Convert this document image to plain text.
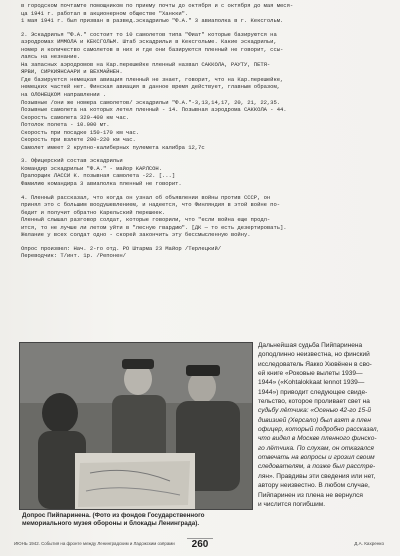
в городском почтамте помощником по приему почты до октября и с октября до мая меся-

ца 1941 г. работал в акционерном обществе "Ханкки".

1 мая 1941 г. был призван в развед.эскадрилью "Ф.А." 3 авиаполка в г. Кексгольм.

2. Эскадрилья "Ф.А." состоит то 10 самолетов типа "Фиат" которые базируются на

аэродромах ИММОЛА и КЕКСГОЛЬМ. Штаб эскадрильи в Кексгольме. Какие эскадрильи,

номер и количество самолетов в них и где они базируются пленный не говорит, ссы-

лаясь на незнание.

На запасных аэродромов на Кар.перешейке пленный назвал САККОЛА, РАУТУ, ПЕТЯ-

ЯРВИ, СИРКИЯНСААРИ и ВЕХМАЙНЕН.

Где базируется немецкая авиация пленный не знает, говорит, что на Кар.перешейке,

немецких частей нет. Финская авиация в данное время действует, главным образом,

на ОЛОНЕЦКОМ направлении .

Позывные /они же номера самолетов/ эскадрильи "Ф.А."-3,13,14,17, 20, 21, 22,35.

Позывные самолета на которых летел пленный - 14. Позывная аэродрома САККОЛА - 44.

Скорость самолета 320-400 км час.

Потолок полета - 10.000 мт.

Скорость при посадке 150-170 км час.

Скорость при взлете 200-220 км час.

Самолет имеет 2 крупно-калиберных пулемета калибра 12,7с

3. Офицерский состав эскадрильи

Командир эскадрильи "Ф.А." - майор КАРЛСОН.

Прапорщик ЛАССИ К. позывная самолета -22. [...]

Фамилию командира 3 авиаполка пленный не говорит.

4. Пленный рассказал, что когда он узнал об объявлении войны против СССР, он

принял это с большим воодушевлением, и надеется, что Финляндия в этой войне по-

бедит и получит обратно Карельский перешеек.

Пленный слышал разговор солдат, которые говорили, что "если война еще продл-

ится, то не лучше ли летом уйти в "лесную гвардию". [ДК — то есть дезертировать].

Желание у всех солдат одно - скорей закончить эту бессмысленную войну.

Опрос произвел: Нач. 2-го отд. РО Штарма 23 Майор /Терлецкий/

Переводчик: Т/инт. 1р. /Репонен/

Допрос Пийпаринена. (Фото из фондов Государственного мемориального музея обороны и блокады Ленинграда).

Дальнейшая судьба Пийпаринена

доподлинно неизвестна, но финский

исследователь Яакко Хювёнен в сво-

ей книге «Роковые вылеты 1939—

1944» («Kohtalokkaat lennot 1939—

1944») приводит следующее свиде-

тельство, которое проливает свет на

судьбу лётчика: «Осенью 42-го 15-й

дивизией (Херсало) был взят в плен

офицер, который подробно рассказал,

что видел в Москве пленного финско-

го лётчика. По слухам, он отказался

отвечать на вопросы и грозил своим

следователям, а позже был расстре-

лян». Правдивы эти сведения или нет,

автору неизвестно. В любом случае,

Пийпаринен из плена не вернулся

и числится погибшим.

ИЮНЬ 1942. События на фронте между Ленинградским и Ладожским озёрами	260	Д.А. Кахренко
